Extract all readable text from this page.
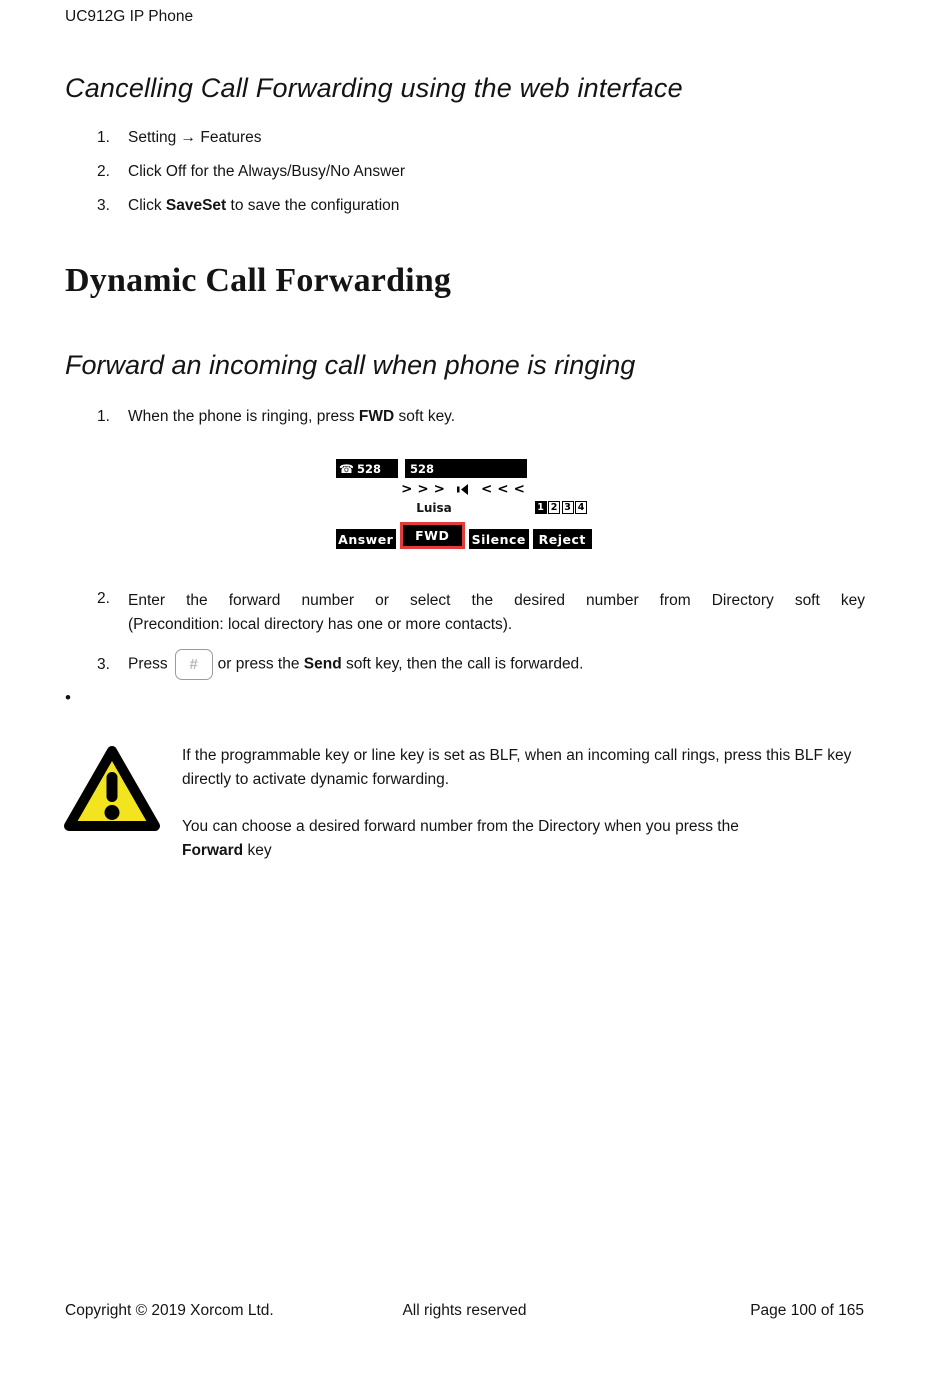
UC912G IP Phone
Cancelling Call Forwarding using the web interface
1.	Setting → Features
2.	Click Off for the Always/Busy/No Answer
3.	Click SaveSet to save the configuration
Dynamic Call Forwarding
Forward an incoming call when phone is ringing
1.	When the phone is ringing, press FWD soft key.
☎ 528	528
>>> <<<
Luisa	1 2 3 4
Answer	FWD	Silence	Reject
2.	Enter the forward number or select the desired number from Directory soft key
(Precondition: local directory has one or more contacts).
3.	Press # or press the Send soft key, then the call is forwarded.
•

If the programmable key or line key is set as BLF, when an incoming call rings, press this BLF key directly to activate dynamic forwarding.

You can choose a desired forward number from the Directory when you press the
Forward key

Copyright © 2019 Xorcom Ltd.	All rights reserved	Page 100 of 165
